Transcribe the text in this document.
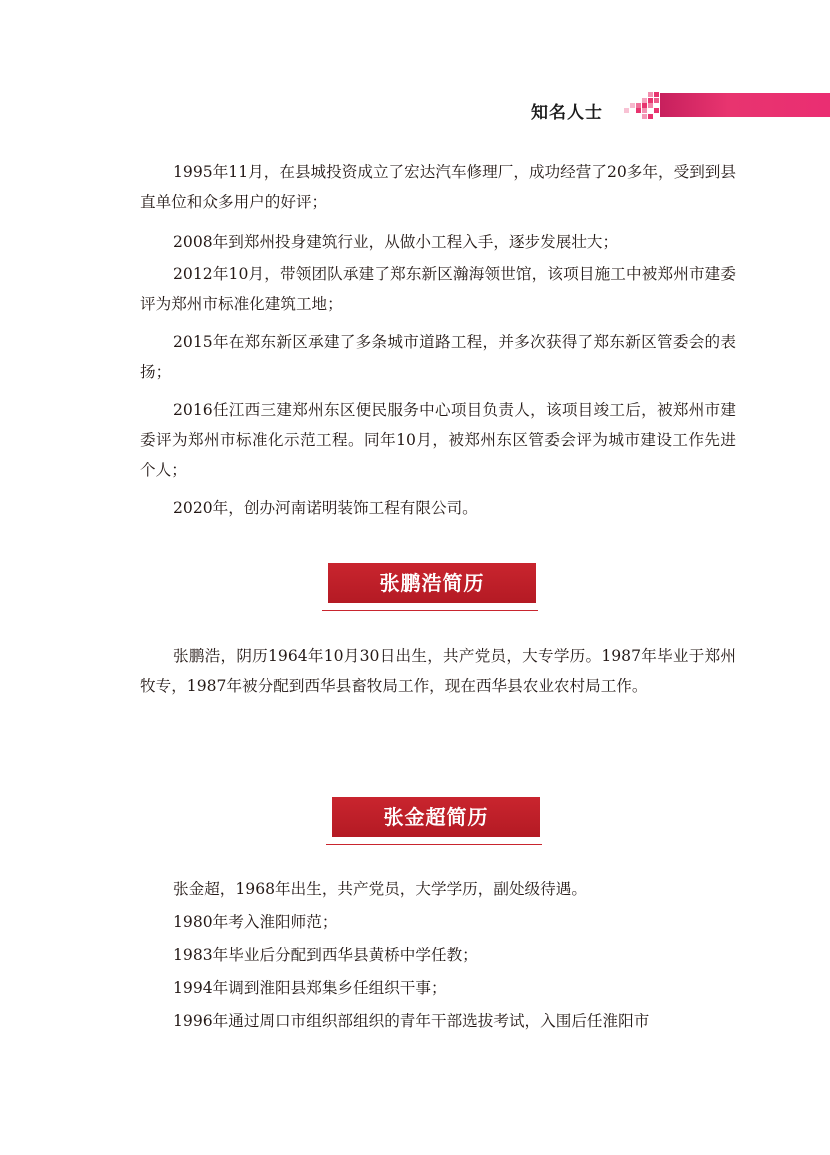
知名人士

1995年11月，在县城投资成立了宏达汽车修理厂，成功经营了20多年，受到到县直单位和众多用户的好评；

2008年到郑州投身建筑行业，从做小工程入手，逐步发展壮大；

2012年10月，带领团队承建了郑东新区瀚海领世馆，该项目施工中被郑州市建委评为郑州市标准化建筑工地；

2015年在郑东新区承建了多条城市道路工程，并多次获得了郑东新区管委会的表扬；

2016任江西三建郑州东区便民服务中心项目负责人，该项目竣工后，被郑州市建委评为郑州市标准化示范工程。同年10月，被郑州东区管委会评为城市建设工作先进个人；

2020年，创办河南诺明装饰工程有限公司。

张鹏浩简历

张鹏浩，阴历1964年10月30日出生，共产党员，大专学历。1987年毕业于郑州牧专，1987年被分配到西华县畜牧局工作，现在西华县农业农村局工作。

张金超简历

张金超，1968年出生，共产党员，大学学历，副处级待遇。

1980年考入淮阳师范；

1983年毕业后分配到西华县黄桥中学任教；

1994年调到淮阳县郑集乡任组织干事；

1996年通过周口市组织部组织的青年干部选拔考试，入围后任淮阳市
